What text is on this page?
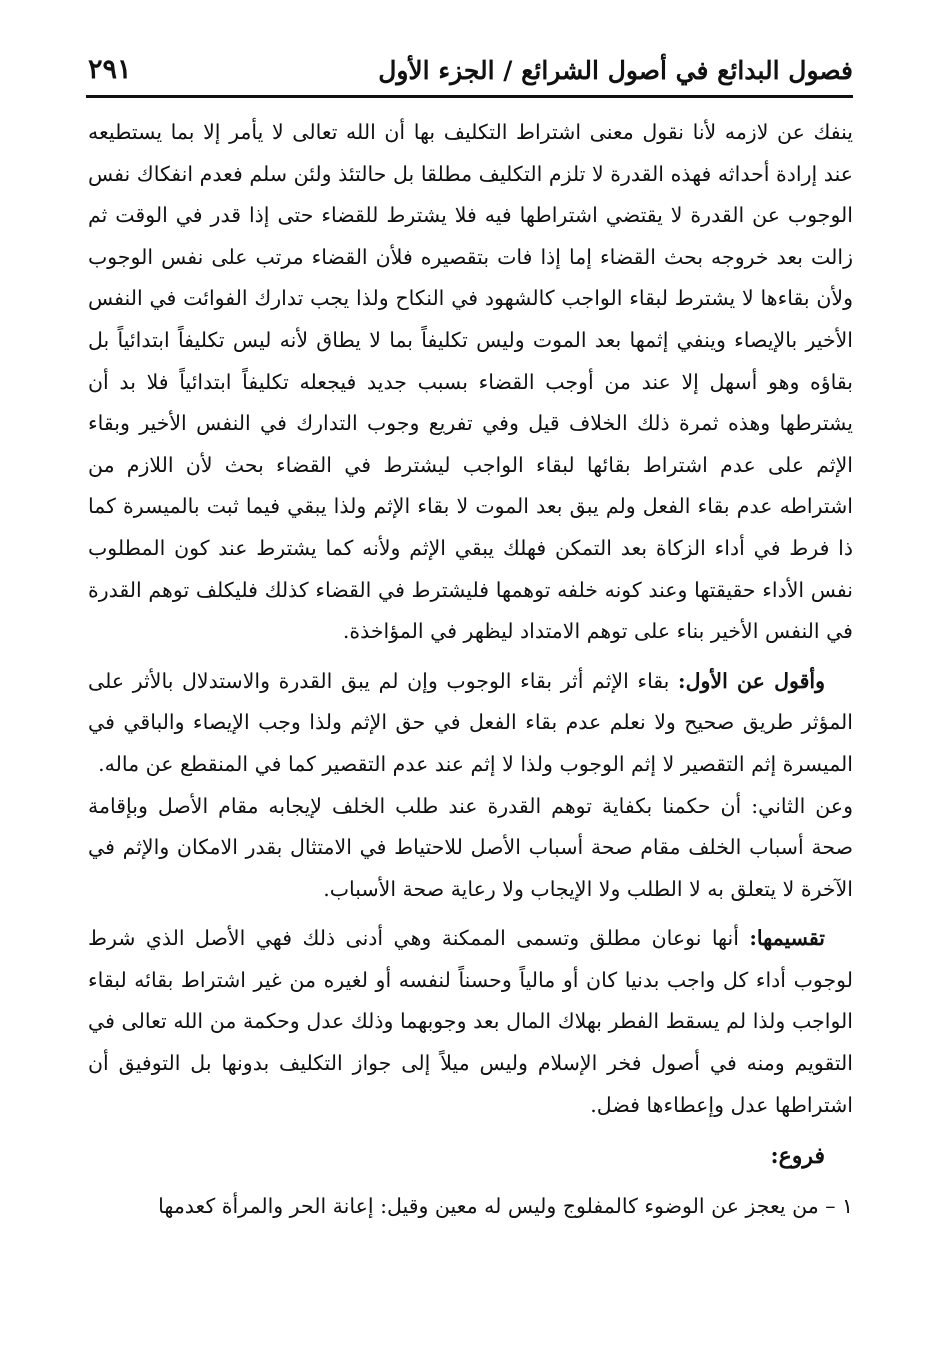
فصول البدائع في أصول الشرائع / الجزء الأول
٢٩١

ينفك عن لازمه لأنا نقول معنى اشتراط التكليف بها أن الله تعالى لا يأمر إلا بما يستطيعه عند إرادة أحداثه فهذه القدرة لا تلزم التكليف مطلقا بل حالتئذ ولئن سلم فعدم انفكاك نفس الوجوب عن القدرة لا يقتضي اشتراطها فيه فلا يشترط للقضاء حتى إذا قدر في الوقت ثم زالت بعد خروجه بحث القضاء إما إذا فات بتقصيره فلأن القضاء مرتب على نفس الوجوب ولأن بقاءها لا يشترط لبقاء الواجب كالشهود في النكاح ولذا يجب تدارك الفوائت في النفس الأخير بالإيصاء وينفي إثمها بعد الموت وليس تكليفاً بما لا يطاق لأنه ليس تكليفاً ابتدائياً بل بقاؤه وهو أسهل إلا عند من أوجب القضاء بسبب جديد فيجعله تكليفاً ابتدائياً فلا بد أن يشترطها وهذه ثمرة ذلك الخلاف قيل وفي تفريع وجوب التدارك في النفس الأخير وبقاء الإثم على عدم اشتراط بقائها لبقاء الواجب ليشترط في القضاء بحث لأن اللازم من اشتراطه عدم بقاء الفعل ولم يبق بعد الموت لا بقاء الإثم ولذا يبقي فيما ثبت بالميسرة كما ذا فرط في أداء الزكاة بعد التمكن فهلك يبقي الإثم ولأنه كما يشترط عند كون المطلوب نفس الأداء حقيقتها وعند كونه خلفه توهمها فليشترط في القضاء كذلك فليكلف توهم القدرة في النفس الأخير بناء على توهم الامتداد ليظهر في المؤاخذة.

وأقول عن الأول: بقاء الإثم أثر بقاء الوجوب وإن لم يبق القدرة والاستدلال بالأثر على المؤثر طريق صحيح ولا نعلم عدم بقاء الفعل في حق الإثم ولذا وجب الإيصاء والباقي في الميسرة إثم التقصير لا إثم الوجوب ولذا لا إثم عند عدم التقصير كما في المنقطع عن ماله.

وعن الثاني: أن حكمنا بكفاية توهم القدرة عند طلب الخلف لإيجابه مقام الأصل وبإقامة صحة أسباب الخلف مقام صحة أسباب الأصل للاحتياط في الامتثال بقدر الامكان والإثم في الآخرة لا يتعلق به لا الطلب ولا الإيجاب ولا رعاية صحة الأسباب.

تقسيمها: أنها نوعان مطلق وتسمى الممكنة وهي أدنى ذلك فهي الأصل الذي شرط لوجوب أداء كل واجب بدنيا كان أو مالياً وحسناً لنفسه أو لغيره من غير اشتراط بقائه لبقاء الواجب ولذا لم يسقط الفطر بهلاك المال بعد وجوبهما وذلك عدل وحكمة من الله تعالى في التقويم ومنه في أصول فخر الإسلام وليس ميلاً إلى جواز التكليف بدونها بل التوفيق أن اشتراطها عدل وإعطاءها فضل.

فروع:

١ – من يعجز عن الوضوء كالمفلوج وليس له معين وقيل: إعانة الحر والمرأة كعدمها
